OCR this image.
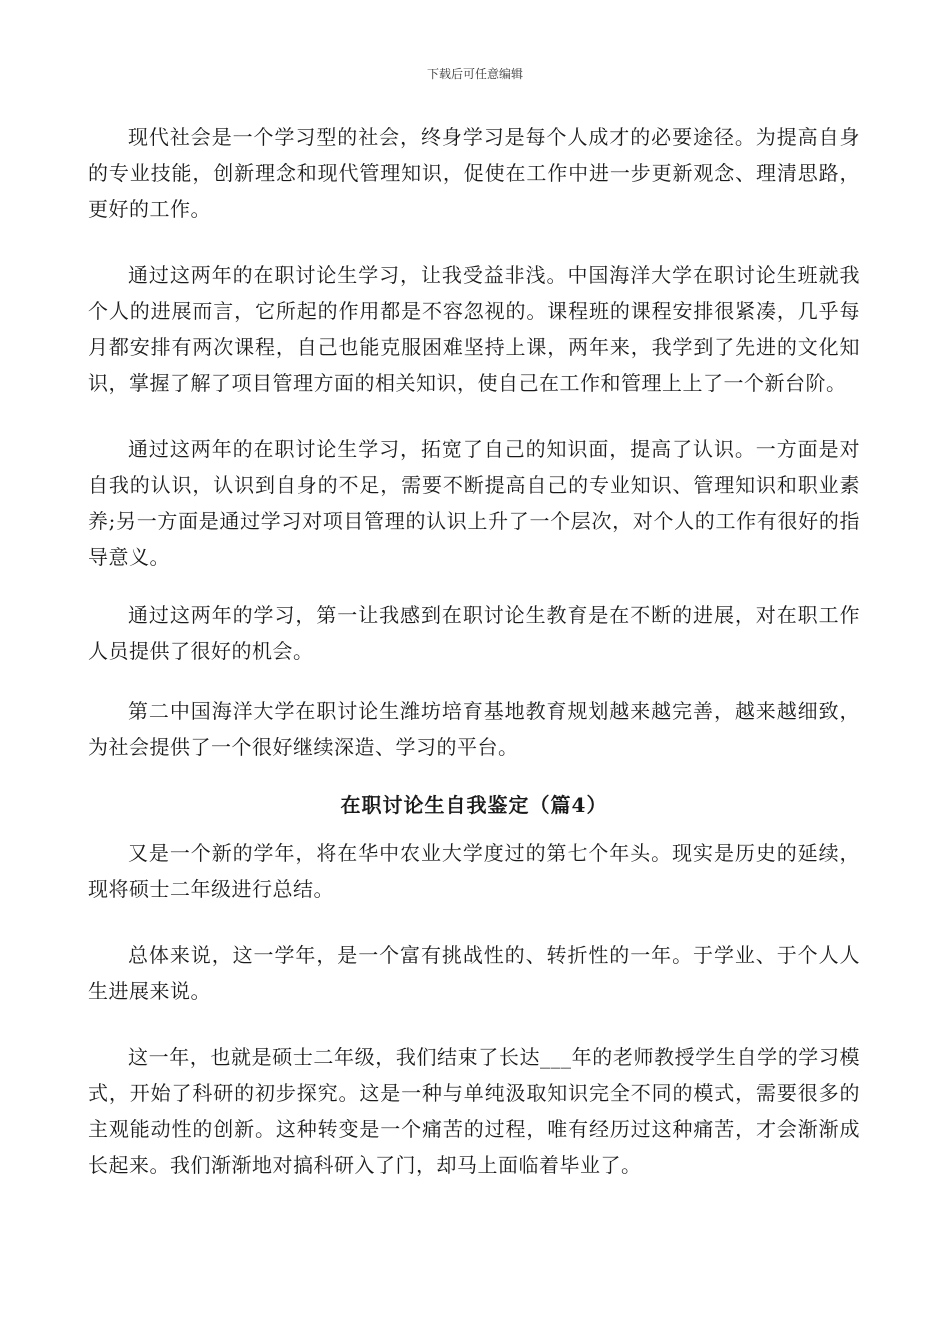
下载后可任意编辑

现代社会是一个学习型的社会，终身学习是每个人成才的必要途径。为提高自身的专业技能，创新理念和现代管理知识，促使在工作中进一步更新观念、理清思路，更好的工作。

通过这两年的在职讨论生学习，让我受益非浅。中国海洋大学在职讨论生班就我个人的进展而言，它所起的作用都是不容忽视的。课程班的课程安排很紧凑，几乎每月都安排有两次课程，自己也能克服困难坚持上课，两年来，我学到了先进的文化知识，掌握了解了项目管理方面的相关知识，使自己在工作和管理上上了一个新台阶。

通过这两年的在职讨论生学习，拓宽了自己的知识面，提高了认识。一方面是对自我的认识，认识到自身的不足，需要不断提高自己的专业知识、管理知识和职业素养;另一方面是通过学习对项目管理的认识上升了一个层次，对个人的工作有很好的指导意义。

通过这两年的学习，第一让我感到在职讨论生教育是在不断的进展，对在职工作人员提供了很好的机会。

第二中国海洋大学在职讨论生潍坊培育基地教育规划越来越完善，越来越细致，为社会提供了一个很好继续深造、学习的平台。

在职讨论生自我鉴定（篇4）

又是一个新的学年，将在华中农业大学度过的第七个年头。现实是历史的延续，现将硕士二年级进行总结。

总体来说，这一学年，是一个富有挑战性的、转折性的一年。于学业、于个人人生进展来说。

这一年，也就是硕士二年级，我们结束了长达___年的老师教授学生自学的学习模式，开始了科研的初步探究。这是一种与单纯汲取知识完全不同的模式，需要很多的主观能动性的创新。这种转变是一个痛苦的过程，唯有经历过这种痛苦，才会渐渐成长起来。我们渐渐地对搞科研入了门，却马上面临着毕业了。
